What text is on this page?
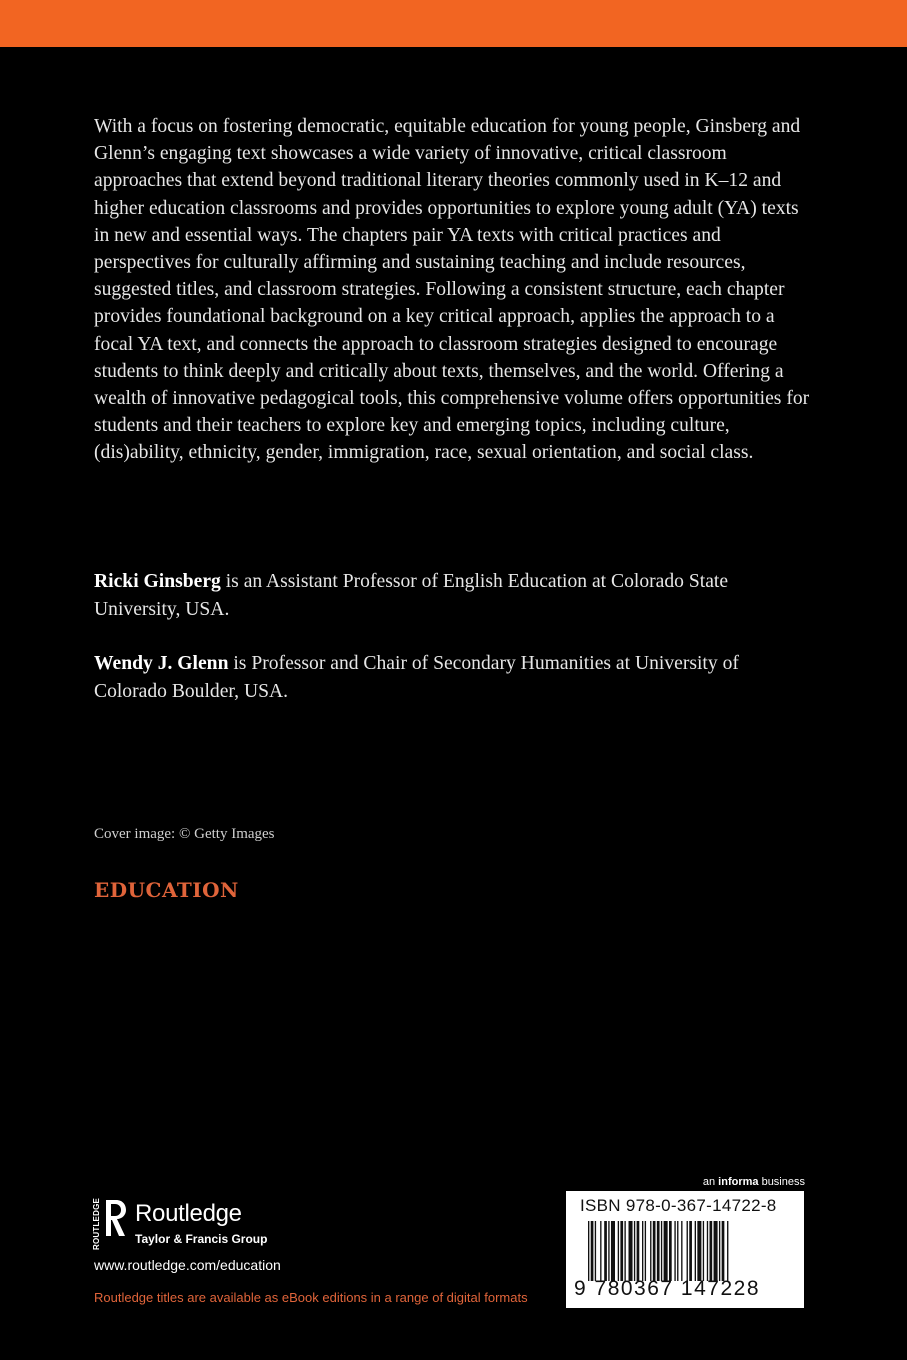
With a focus on fostering democratic, equitable education for young people, Ginsberg and Glenn’s engaging text showcases a wide variety of innovative, critical classroom approaches that extend beyond traditional literary theories commonly used in K–12 and higher education classrooms and provides opportunities to explore young adult (YA) texts in new and essential ways. The chapters pair YA texts with critical practices and perspectives for culturally affirming and sustaining teaching and include resources, suggested titles, and classroom strategies. Following a consistent structure, each chapter provides foundational background on a key critical approach, applies the approach to a focal YA text, and connects the approach to classroom strategies designed to encourage students to think deeply and critically about texts, themselves, and the world. Offering a wealth of innovative pedagogical tools, this comprehensive volume offers opportunities for students and their teachers to explore key and emerging topics, including culture, (dis)ability, ethnicity, gender, immigration, race, sexual orientation, and social class.

Ricki Ginsberg is an Assistant Professor of English Education at Colorado State University, USA.

Wendy J. Glenn is Professor and Chair of Secondary Humanities at University of Colorado Boulder, USA.

Cover image: © Getty Images
EDUCATION
ROUTLEDGE Routledge
Taylor & Francis Group
www.routledge.com/education
Routledge titles are available as eBook editions in a range of digital formats
an informa business
ISBN 978-0-367-14722-8
9 780367 147228
